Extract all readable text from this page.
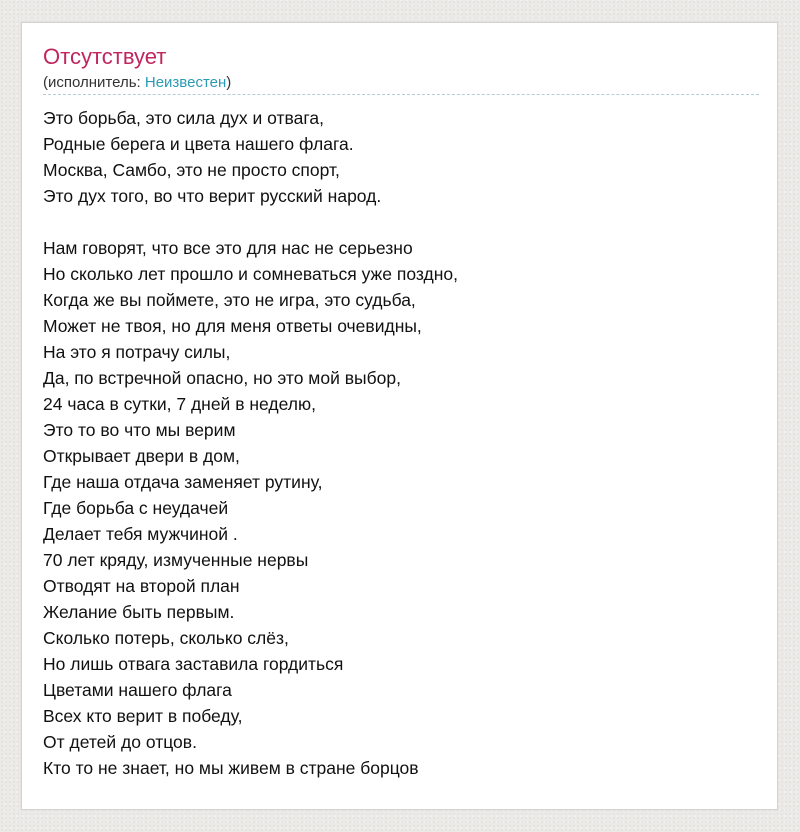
Отсутствует
(исполнитель: Неизвестен)
Это борьба, это сила дух и отвага,
Родные берега и цвета нашего флага.
Москва, Самбо, это не просто спорт,
Это дух того, во что верит русский народ.
Нам говорят, что все это для нас не серьезно
Но сколько лет прошло и сомневаться уже поздно,
Когда же вы поймете, это не игра, это судьба,
Может не твоя, но для меня ответы очевидны,
На это я потрачу силы,
Да, по встречной опасно, но это мой выбор,
24 часа в сутки, 7 дней в неделю,
Это то во что мы верим
Открывает двери в дом,
Где наша отдача заменяет рутину,
Где борьба с неудачей
Делает тебя мужчиной .
70 лет кряду, измученные нервы
Отводят на второй план
Желание быть первым.
Сколько потерь, сколько слёз,
Но лишь отвага заставила гордиться
Цветами нашего флага
Всех кто верит в победу,
От детей до отцов.
Кто то не знает, но мы живем в стране борцов
